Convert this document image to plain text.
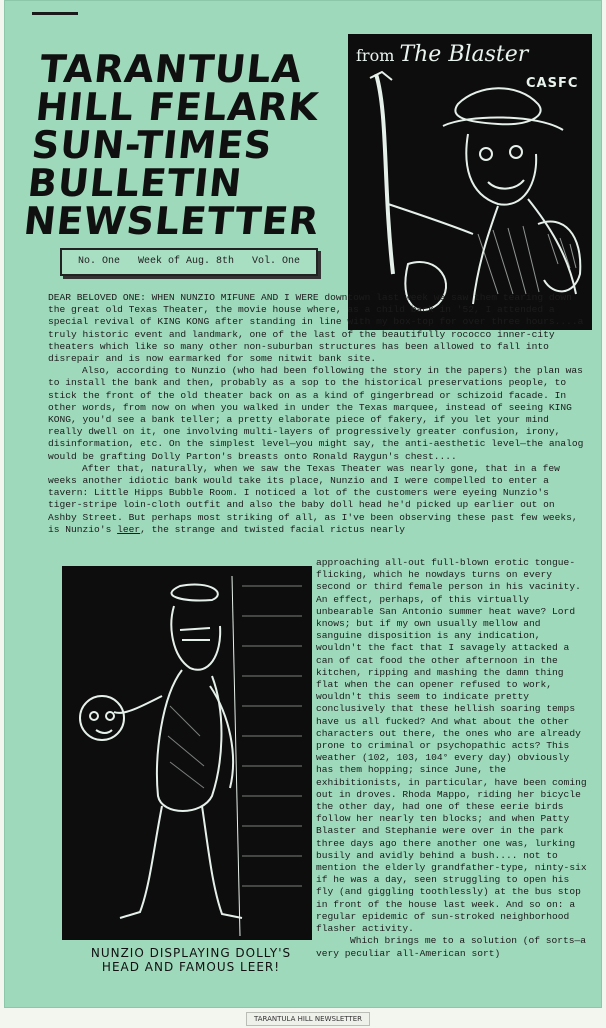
TARANTULA
HILL FELARK
SUN-TIMES
BULLETIN
NEWSLETTER
No. One Week of Aug. 8th Vol. One
from The Blaster
CASFC

DEAR BELOVED ONE: WHEN NUNZIO MIFUNE AND I WERE downtown last week we saw them tearing down the great old Texas Theater, the movie house where, as a child back in '52, I attended a special revival of KING KONG after standing in line with my box-top for over three hours....a truly historic event and landmark, one of the last of the beautifully rococco inner-city theaters which like so many other non-suburban structures has been allowed to fall into disrepair and is now earmarked for some nitwit bank site.

Also, according to Nunzio (who had been following the story in the papers) the plan was to install the bank and then, probably as a sop to the historical preservations people, to stick the front of the old theater back on as a kind of gingerbread or schizoid facade. In other words, from now on when you walked in under the Texas marquee, instead of seeing KING KONG, you'd see a bank teller; a pretty elaborate piece of fakery, if you let your mind really dwell on it, one involving multi-layers of progressively greater confusion, irony, disinformation, etc. On the simplest level—you might say, the anti-aesthetic level—the analog would be grafting Dolly Parton's breasts onto Ronald Raygun's chest....

After that, naturally, when we saw the Texas Theater was nearly gone, that in a few weeks another idiotic bank would take its place, Nunzio and I were compelled to enter a tavern: Little Hipps Bubble Room. I noticed a lot of the customers were eyeing Nunzio's tiger-stripe loin-cloth outfit and also the baby doll head he'd picked up earlier out on Ashby Street. But perhaps most striking of all, as I've been observing these past few weeks, is Nunzio's leer, the strange and twisted facial rictus nearly

NUNZIO DISPLAYING DOLLY'S
HEAD AND FAMOUS LEER!

approaching all-out full-blown erotic tongue-flicking, which he nowdays turns on every second or third female person in his vacinity. An effect, perhaps, of this virtually unbearable San Antonio summer heat wave? Lord knows; but if my own usually mellow and sanguine disposition is any indication, wouldn't the fact that I savagely attacked a can of cat food the other afternoon in the kitchen, ripping and mashing the damn thing flat when the can opener refused to work, wouldn't this seem to indicate pretty conclusively that these hellish soaring temps have us all fucked? And what about the other characters out there, the ones who are already prone to criminal or psychopathic acts? This weather (102, 103, 104° every day) obviously has them hopping; since June, the exhibitionists, in particular, have been coming out in droves. Rhoda Mappo, riding her bicycle the other day, had one of these eerie birds follow her nearly ten blocks; and when Patty Blaster and Stephanie were over in the park three days ago there another one was, lurking busily and avidly behind a bush.... not to mention the elderly grandfather-type, ninty-six if he was a day, seen struggling to open his fly (and giggling toothlessly) at the bus stop in front of the house last week. And so on: a regular epidemic of sun-stroked neighborhood flasher activity.

Which brings me to a solution (of sorts—a very peculiar all-American sort)

TARANTULA HILL NEWSLETTER
